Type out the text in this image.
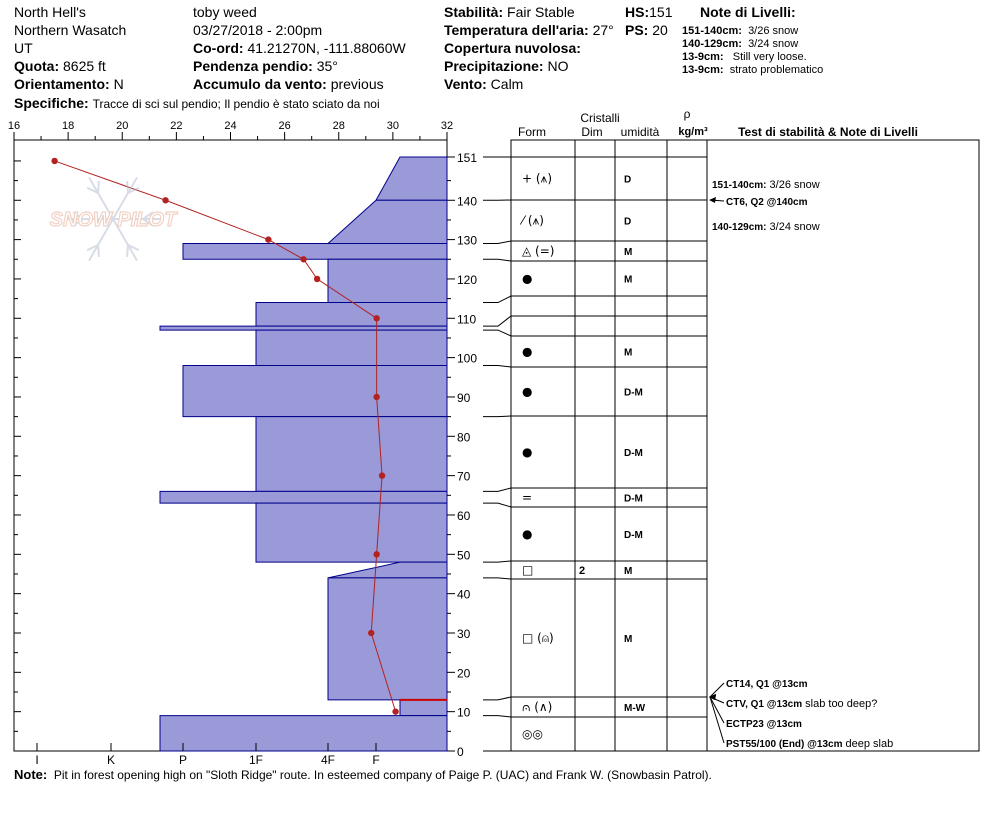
North Hell's
Northern Wasatch
UT
Quota: 8625 ft
Orientamento: N
Specifiche: Tracce di sci sul pendio; Il pendio è stato sciato da noi
toby weed
03/27/2018 - 2:00pm
Co-ord: 41.21270N, -111.88060W
Pendenza pendio: 35°
Accumulo da vento: previous
Stabilità: Fair Stable
Temperatura dell'aria: 27°
Copertura nuvolosa:
Precipitazione: NO
Vento: Calm
HS:151
PS: 20
Note di Livelli:
151-140cm: 3/26 snow
140-129cm: 3/24 snow
13-9cm: Still very loose.
13-9cm: strato problematico
16	18	20	22	24	26	28	30	32
0
10
20
30
40
50
60
70
80
90
100
110
120
130
140
151
I	K	P	1F	4F	F
SNOW PILOT
Cristalli
Form	Dim umidità
ρ
kg/m³	Test di stabilità & Note di Livelli
+ (⩚)	D
⁄ (⩚)	D
◬ (=)	M
●	M
●	M
●	D-M
●	D-M
=	D-M
●	D-M
□	2	M
□ (⍝)	M
⩀ (∧)	M-W
◎◎
151-140cm: 3/26 snow
CT6, Q2 @140cm
140-129cm: 3/24 snow
CT14, Q1 @13cm
CTV, Q1 @13cm slab too deep?
ECTP23 @13cm
PST55/100 (End) @13cm deep slab
Note: Pit in forest opening high on "Sloth Ridge" route. In esteemed company of Paige P. (UAC) and Frank W. (Snowbasin Patrol).
